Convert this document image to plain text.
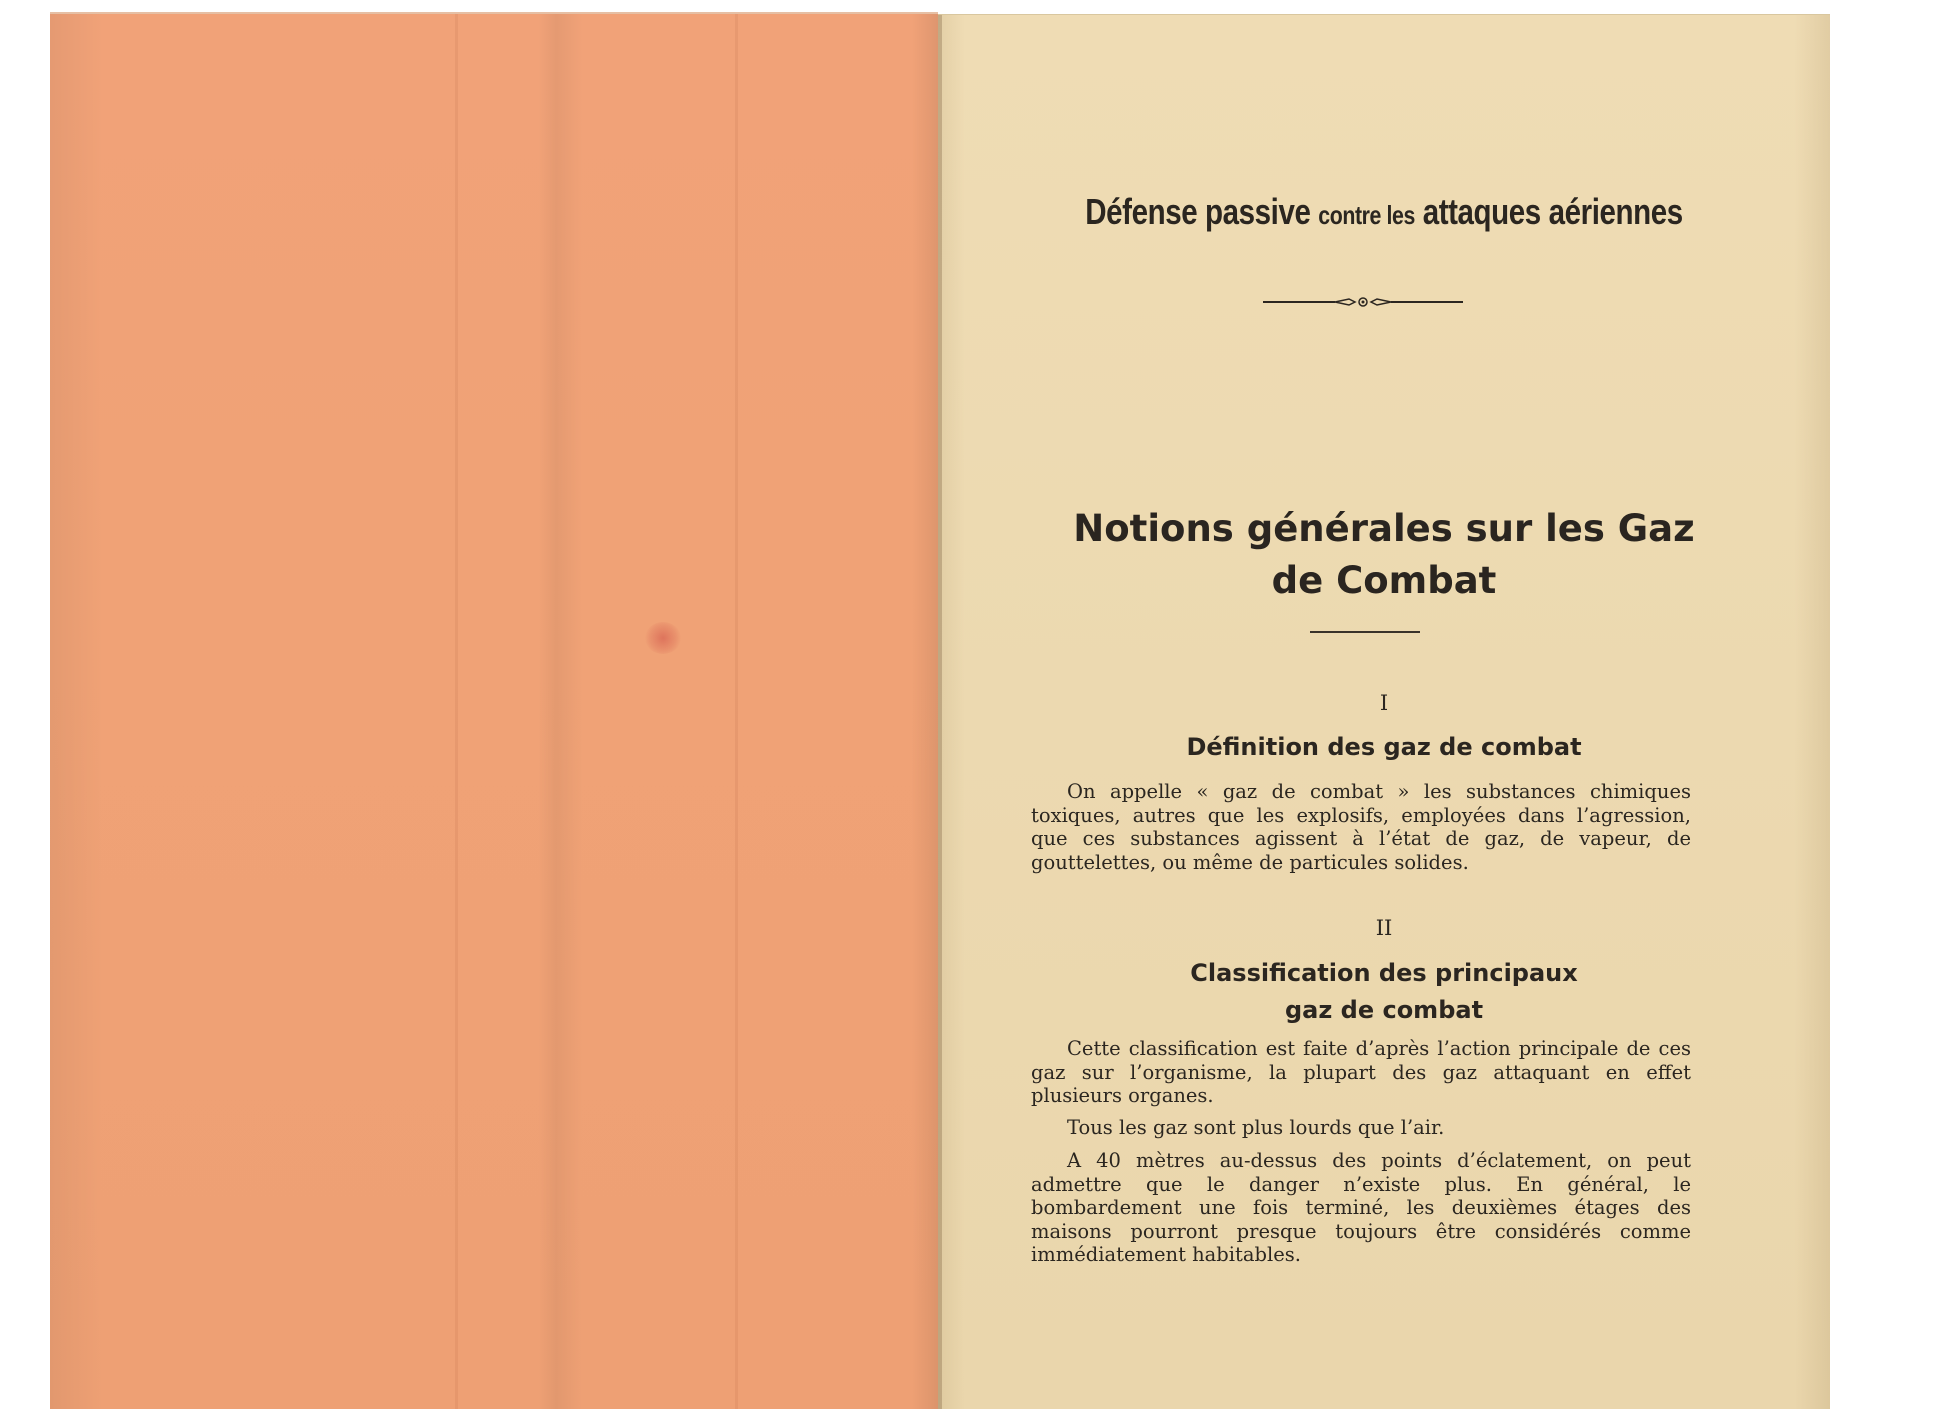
Défense passive contre les attaques aériennes
Notions générales sur les Gaz
de Combat
I
Définition des gaz de combat
On appelle « gaz de combat » les substances chimiques toxiques, autres que les explosifs, employées dans l’agression, que ces substances agissent à l’état de gaz, de vapeur, de gouttelettes, ou même de particules solides.
II
Classification des principaux
gaz de combat
Cette classification est faite d’après l’action principale de ces gaz sur l’organisme, la plupart des gaz attaquant en effet plusieurs organes.
Tous les gaz sont plus lourds que l’air.
A 40 mètres au-dessus des points d’éclatement, on peut admettre que le danger n’existe plus. En général, le bombardement une fois terminé, les deuxièmes étages des maisons pourront presque toujours être considérés comme immédiatement habitables.
